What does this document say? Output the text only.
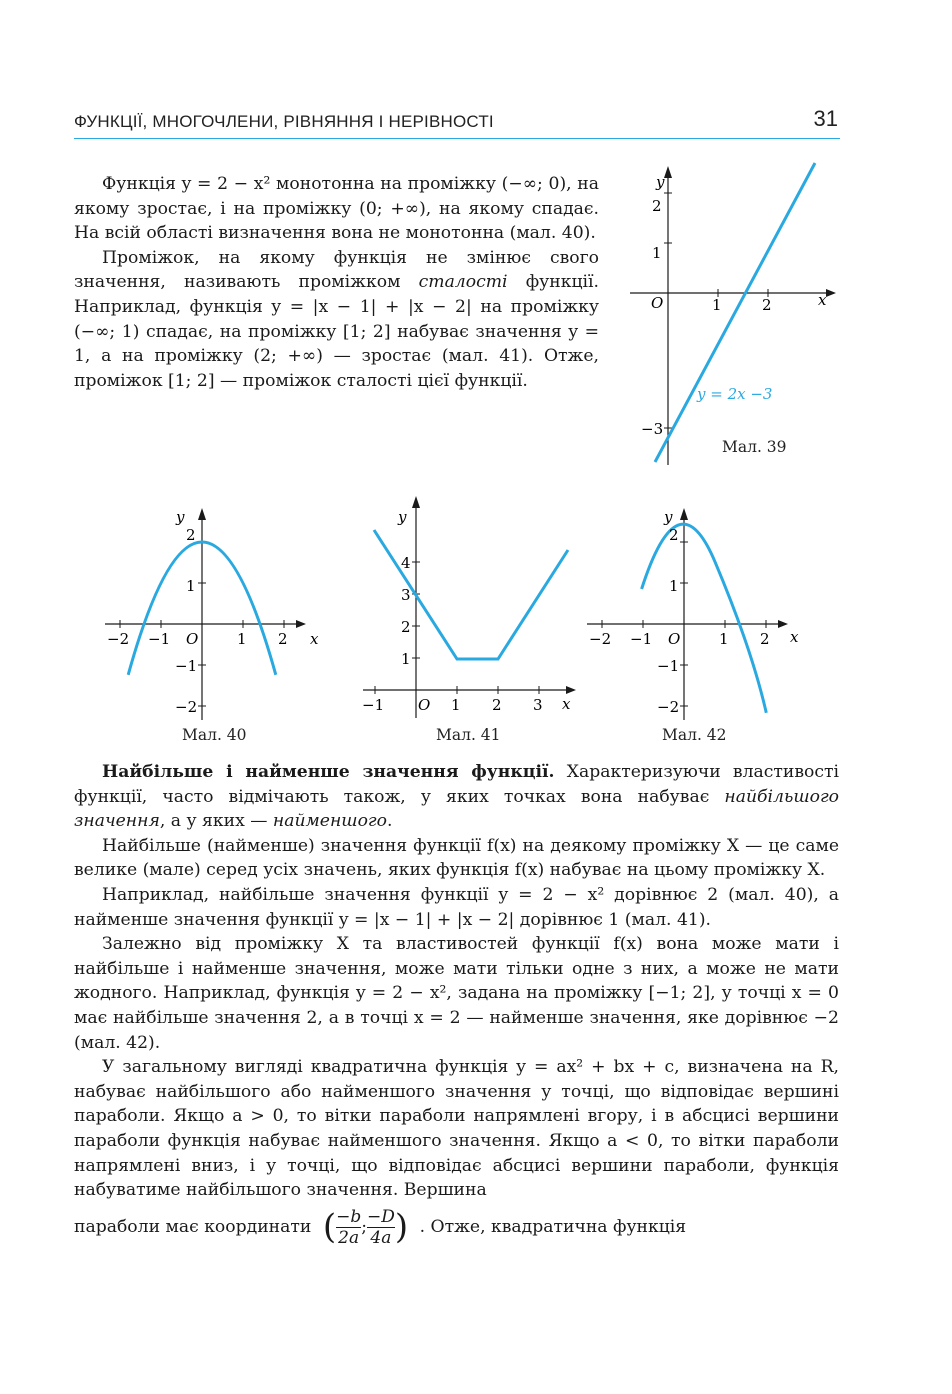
ФУНКЦІЇ, МНОГОЧЛЕНИ, РІВНЯННЯ І НЕРІВНОСТІ	31

Функція y = 2 − x² монотонна на проміжку (−∞; 0), на якому зростає, і на проміжку (0; +∞), на якому спадає. На всій області визначення вона не монотонна (мал. 40).

Проміжок, на якому функція не змінює свого значення, називають проміжком сталості функції. Наприклад, функція y = |x − 1| + |x − 2| на проміжку (−∞; 1) спадає, на проміжку [1; 2] набуває значення y = 1, а на проміжку (2; +∞) — зростає (мал. 41). Отже, проміжок [1; 2] — проміжок сталості цієї функції.

y
x
O	1	2
2
1
−3
y = 2x −3
Мал. 39
y
x
O
−2 −1	1 2
2
1
−1
−2
Мал. 40
y
x
O
−1	1 2 3
4
3
2
1
Мал. 41
y
x
O
−2 −1	1 2
2
1
−1
−2
Мал. 42

Найбільше і найменше значення функції. Характеризуючи властивості функції, часто відмічають також, у яких точках вона набуває найбільшого значення, а у яких — найменшого.

Найбільше (найменше) значення функції f(x) на деякому проміжку X — це саме велике (мале) серед усіх значень, яких функція f(x) набуває на цьому проміжку X.

Наприклад, найбільше значення функції y = 2 − x² дорівнює 2 (мал. 40), а найменше значення функції y = |x − 1| + |x − 2| дорівнює 1 (мал. 41).

Залежно від проміжку X та властивостей функції f(x) вона може мати і найбільше і найменше значення, може мати тільки одне з них, а може не мати жодного. Наприклад, функція y = 2 − x², задана на проміжку [−1; 2], у точці x = 0 має найбільше значення 2, а в точці x = 2 — найменше значення, яке дорівнює −2 (мал. 42).

У загальному вигляді квадратична функція y = ax² + bx + c, визначена на R, набуває найбільшого або найменшого значення у точці, що відповідає вершині параболи. Якщо a > 0, то вітки параболи напрямлені вгору, і в абсцисі вершини параболи функція набуває найменшого значення. Якщо a < 0, то вітки параболи напрямлені вниз, і у точці, що відповідає абсцисі вершини параболи, функція набуватиме найбільшого значення. Вершина

параболи має координати ( $\frac{-b}{2a}$ ; $\frac{-D}{4a}$ ) . Отже, квадратична функція
